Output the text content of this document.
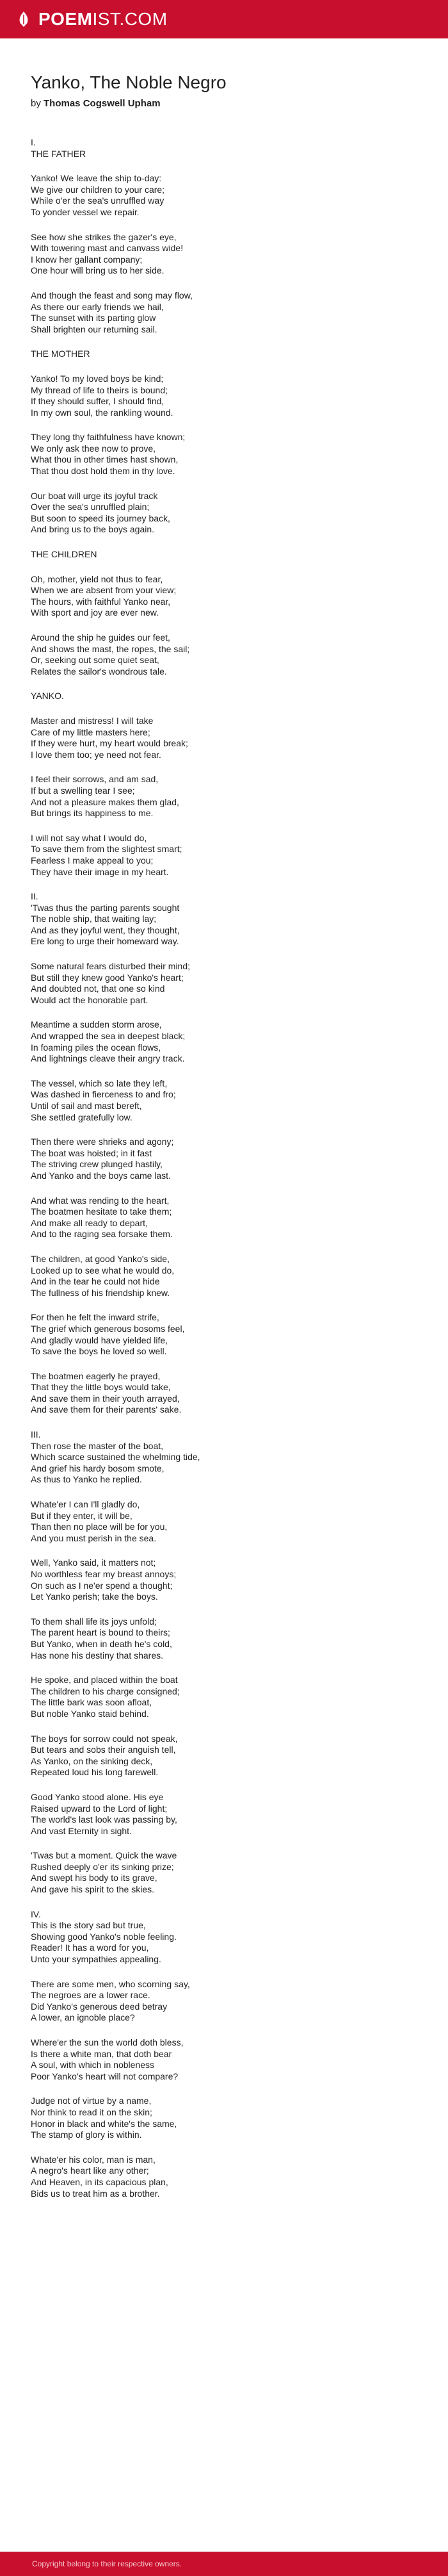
POEMIST.COM
Yanko, The Noble Negro
by Thomas Cogswell Upham
I.
THE FATHER
Yanko! We leave the ship to-day:
We give our children to your care;
While o'er the sea's unruffled way
To yonder vessel we repair.
See how she strikes the gazer's eye,
With towering mast and canvass wide!
I know her gallant company;
One hour will bring us to her side.
And though the feast and song may flow,
As there our early friends we hail,
The sunset with its parting glow
Shall brighten our returning sail.
THE MOTHER
Yanko! To my loved boys be kind;
My thread of life to theirs is bound;
If they should suffer, I should find,
In my own soul, the rankling wound.
They long thy faithfulness have known;
We only ask thee now to prove,
What thou in other times hast shown,
That thou dost hold them in thy love.
Our boat will urge its joyful track
Over the sea's unruffled plain;
But soon to speed its journey back,
And bring us to the boys again.
THE CHILDREN
Oh, mother, yield not thus to fear,
When we are absent from your view;
The hours, with faithful Yanko near,
With sport and joy are ever new.
Around the ship he guides our feet,
And shows the mast, the ropes, the sail;
Or, seeking out some quiet seat,
Relates the sailor's wondrous tale.
YANKO.
Master and mistress! I will take
Care of my little masters here;
If they were hurt, my heart would break;
I love them too; ye need not fear.
I feel their sorrows, and am sad,
If but a swelling tear I see;
And not a pleasure makes them glad,
But brings its happiness to me.
I will not say what I would do,
To save them from the slightest smart;
Fearless I make appeal to you;
They have their image in my heart.
II.
'Twas thus the parting parents sought
The noble ship, that waiting lay;
And as they joyful went, they thought,
Ere long to urge their homeward way.
Some natural fears disturbed their mind;
But still they knew good Yanko's heart;
And doubted not, that one so kind
Would act the honorable part.
Meantime a sudden storm arose,
And wrapped the sea in deepest black;
In foaming piles the ocean flows,
And lightnings cleave their angry track.
The vessel, which so late they left,
Was dashed in fierceness to and fro;
Until of sail and mast bereft,
She settled gratefully low.
Then there were shrieks and agony;
The boat was hoisted; in it fast
The striving crew plunged hastily,
And Yanko and the boys came last.
And what was rending to the heart,
The boatmen hesitate to take them;
And make all ready to depart,
And to the raging sea forsake them.
The children, at good Yanko's side,
Looked up to see what he would do,
And in the tear he could not hide
The fullness of his friendship knew.
For then he felt the inward strife,
The grief which generous bosoms feel,
And gladly would have yielded life,
To save the boys he loved so well.
The boatmen eagerly he prayed,
That they the little boys would take,
And save them in their youth arrayed,
And save them for their parents' sake.
III.
Then rose the master of the boat,
Which scarce sustained the whelming tide,
And grief his hardy bosom smote,
As thus to Yanko he replied.
Whate'er I can I'll gladly do,
But if they enter, it will be,
Than then no place will be for you,
And you must perish in the sea.
Well, Yanko said, it matters not;
No worthless fear my breast annoys;
On such as I ne'er spend a thought;
Let Yanko perish; take the boys.
To them shall life its joys unfold;
The parent heart is bound to theirs;
But Yanko, when in death he's cold,
Has none his destiny that shares.
He spoke, and placed within the boat
The children to his charge consigned;
The little bark was soon afloat,
But noble Yanko staid behind.
The boys for sorrow could not speak,
But tears and sobs their anguish tell,
As Yanko, on the sinking deck,
Repeated loud his long farewell.
Good Yanko stood alone. His eye
Raised upward to the Lord of light;
The world's last look was passing by,
And vast Eternity in sight.
'Twas but a moment. Quick the wave
Rushed deeply o'er its sinking prize;
And swept his body to its grave,
And gave his spirit to the skies.
IV.
This is the story sad but true,
Showing good Yanko's noble feeling.
Reader! It has a word for you,
Unto your sympathies appealing.
There are some men, who scorning say,
The negroes are a lower race.
Did Yanko's generous deed betray
A lower, an ignoble place?
Where'er the sun the world doth bless,
Is there a white man, that doth bear
A soul, with which in nobleness
Poor Yanko's heart will not compare?
Judge not of virtue by a name,
Nor think to read it on the skin;
Honor in black and white's the same,
The stamp of glory is within.
Whate'er his color, man is man,
A negro's heart like any other;
And Heaven, in its capacious plan,
Bids us to treat him as a brother.
Copyright belong to their respective owners.
